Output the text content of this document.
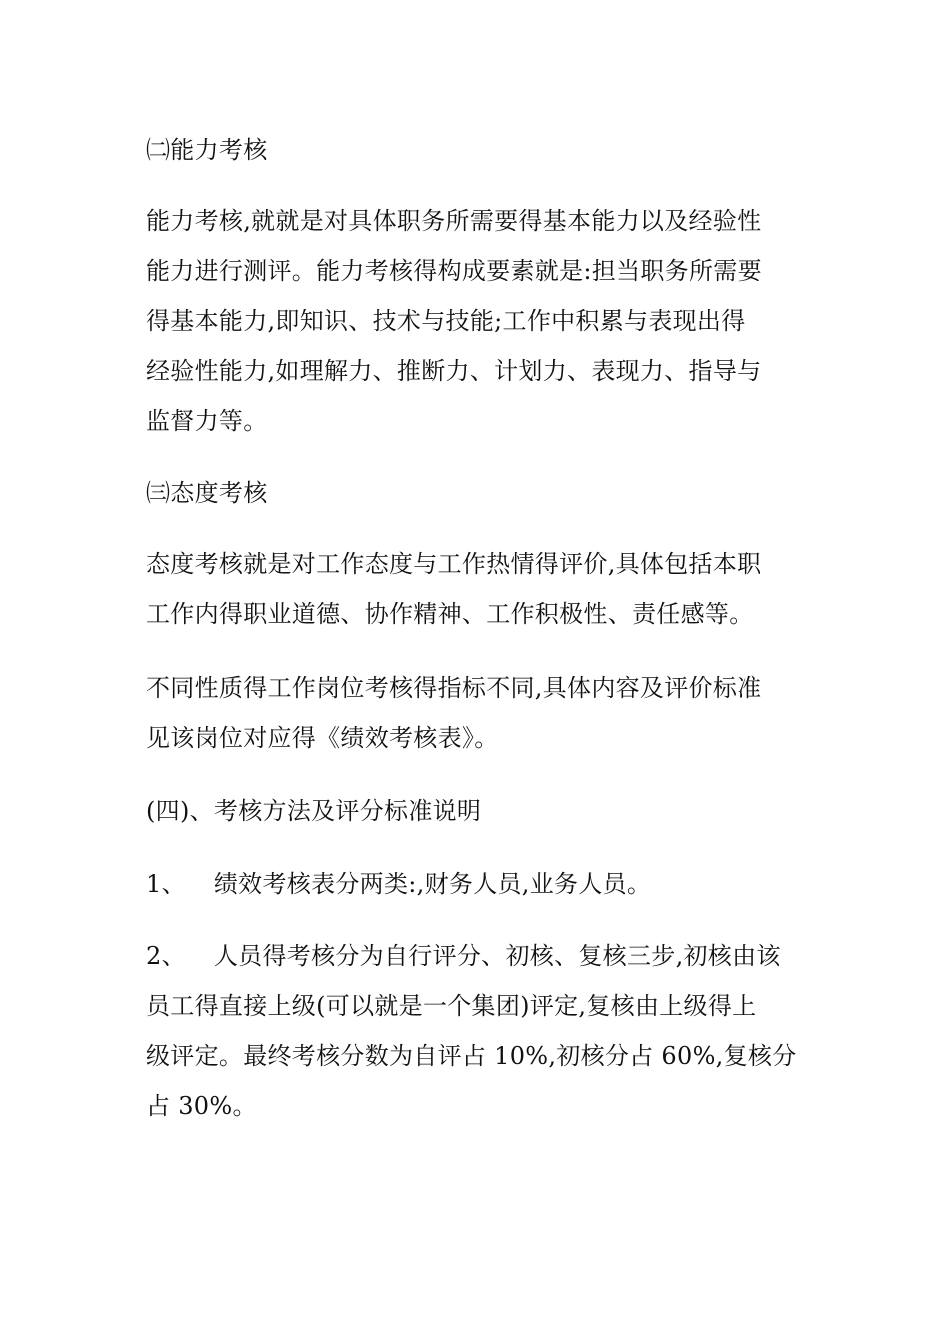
㈡能力考核
能力考核,就就是对具体职务所需要得基本能力以及经验性
能力进行测评。能力考核得构成要素就是:担当职务所需要
得基本能力,即知识、技术与技能;工作中积累与表现出得
经验性能力,如理解力、推断力、计划力、表现力、指导与
监督力等。
㈢态度考核
态度考核就是对工作态度与工作热情得评价,具体包括本职
工作内得职业道德、协作精神、工作积极性、责任感等。
不同性质得工作岗位考核得指标不同,具体内容及评价标准
见该岗位对应得《绩效考核表》。
(四)、考核方法及评分标准说明
1、 绩效考核表分两类:,财务人员,业务人员。
2、 人员得考核分为自行评分、初核、复核三步,初核由该
员工得直接上级(可以就是一个集团)评定,复核由上级得上
级评定。最终考核分数为自评占 10%,初核分占 60%,复核分
占 30%。
